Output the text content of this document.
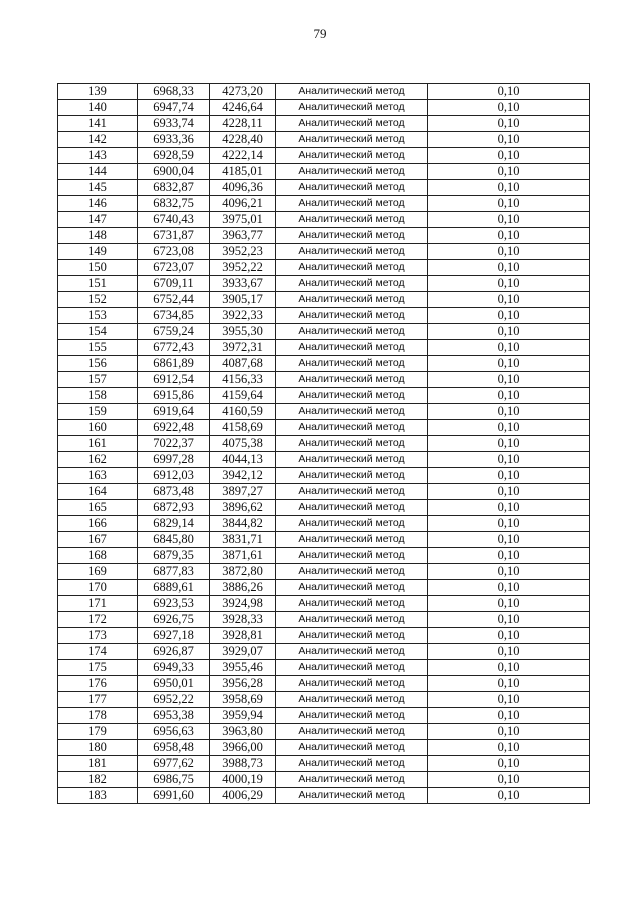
79
139	6968,33	4273,20	Аналитический метод	0,10
140	6947,74	4246,64	Аналитический метод	0,10
141	6933,74	4228,11	Аналитический метод	0,10
142	6933,36	4228,40	Аналитический метод	0,10
143	6928,59	4222,14	Аналитический метод	0,10
144	6900,04	4185,01	Аналитический метод	0,10
145	6832,87	4096,36	Аналитический метод	0,10
146	6832,75	4096,21	Аналитический метод	0,10
147	6740,43	3975,01	Аналитический метод	0,10
148	6731,87	3963,77	Аналитический метод	0,10
149	6723,08	3952,23	Аналитический метод	0,10
150	6723,07	3952,22	Аналитический метод	0,10
151	6709,11	3933,67	Аналитический метод	0,10
152	6752,44	3905,17	Аналитический метод	0,10
153	6734,85	3922,33	Аналитический метод	0,10
154	6759,24	3955,30	Аналитический метод	0,10
155	6772,43	3972,31	Аналитический метод	0,10
156	6861,89	4087,68	Аналитический метод	0,10
157	6912,54	4156,33	Аналитический метод	0,10
158	6915,86	4159,64	Аналитический метод	0,10
159	6919,64	4160,59	Аналитический метод	0,10
160	6922,48	4158,69	Аналитический метод	0,10
161	7022,37	4075,38	Аналитический метод	0,10
162	6997,28	4044,13	Аналитический метод	0,10
163	6912,03	3942,12	Аналитический метод	0,10
164	6873,48	3897,27	Аналитический метод	0,10
165	6872,93	3896,62	Аналитический метод	0,10
166	6829,14	3844,82	Аналитический метод	0,10
167	6845,80	3831,71	Аналитический метод	0,10
168	6879,35	3871,61	Аналитический метод	0,10
169	6877,83	3872,80	Аналитический метод	0,10
170	6889,61	3886,26	Аналитический метод	0,10
171	6923,53	3924,98	Аналитический метод	0,10
172	6926,75	3928,33	Аналитический метод	0,10
173	6927,18	3928,81	Аналитический метод	0,10
174	6926,87	3929,07	Аналитический метод	0,10
175	6949,33	3955,46	Аналитический метод	0,10
176	6950,01	3956,28	Аналитический метод	0,10
177	6952,22	3958,69	Аналитический метод	0,10
178	6953,38	3959,94	Аналитический метод	0,10
179	6956,63	3963,80	Аналитический метод	0,10
180	6958,48	3966,00	Аналитический метод	0,10
181	6977,62	3988,73	Аналитический метод	0,10
182	6986,75	4000,19	Аналитический метод	0,10
183	6991,60	4006,29	Аналитический метод	0,10
